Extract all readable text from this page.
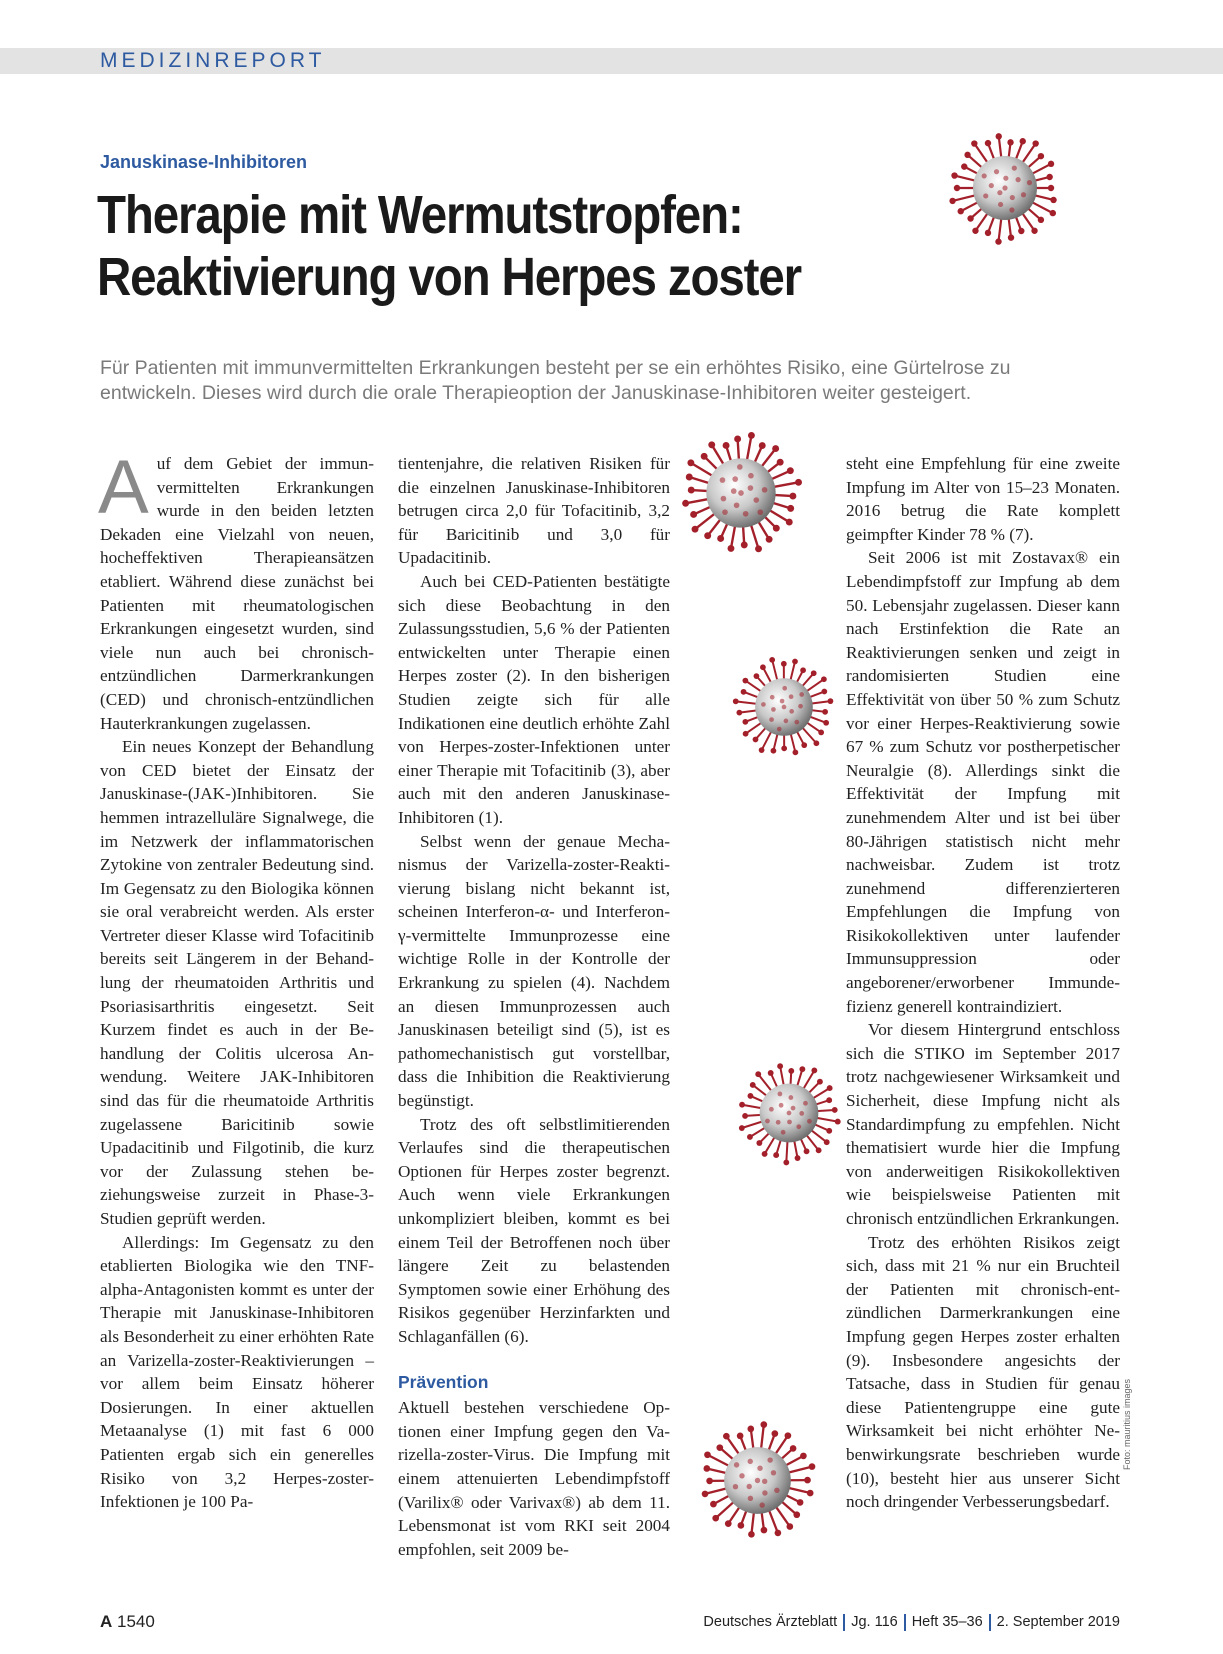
MEDIZINREPORT
Januskinase-Inhibitoren
Therapie mit Wermutstropfen:
Reaktivierung von Herpes zoster

Für Patienten mit immunvermittelten Erkrankungen besteht per se ein erhöhtes Risiko, eine Gürtelrose zu entwickeln. Dieses wird durch die orale Therapieoption der Januskinase-Inhibitoren weiter gesteigert.

Auf dem Gebiet der immunvermittelten Erkrankungen wurde in den beiden letzten Dekaden eine Vielzahl von neuen, hocheffektiven Therapieansätzen etabliert. Während diese zunächst bei Patienten mit rheumatologischen Erkrankungen eingesetzt wurden, sind viele nun auch bei chronisch-entzündlichen Darmerkrankungen (CED) und chronisch-entzündlichen Hauterkrankungen zugelassen.

Ein neues Konzept der Behandlung von CED bietet der Einsatz der Januskinase-(JAK-)Inhibitoren. Sie hemmen intrazelluläre Signalwege, die im Netzwerk der inflammatorischen Zytokine von zentraler Bedeutung sind. Im Gegensatz zu den Biologika können sie oral verabreicht werden. Als erster Vertreter dieser Klasse wird Tofacitinib bereits seit Längerem in der Behandlung der rheumatoiden Arthritis und Psoriasisarthritis eingesetzt. Seit Kurzem findet es auch in der Behandlung der Colitis ulcerosa Anwendung. Weitere JAK-Inhibitoren sind das für die rheumatoide Arthritis zugelassene Baricitinib sowie Upadacitinib und Filgotinib, die kurz vor der Zulassung stehen beziehungsweise zurzeit in Phase-3-Studien geprüft werden.

Allerdings: Im Gegensatz zu den etablierten Biologika wie den TNF-alpha-Antagonisten kommt es unter der Therapie mit Januskinase-Inhibitoren als Besonderheit zu einer erhöhten Rate an Varizella-zoster-Reaktivierungen – vor allem beim Einsatz höherer Dosierungen. In einer aktuellen Metaanalyse (1) mit fast 6 000 Patienten ergab sich ein generelles Risiko von 3,2 Herpes-zoster-Infektionen je 100 Pa-

tientenjahre, die relativen Risiken für die einzelnen Januskinase-Inhibitoren betrugen circa 2,0 für Tofacitinib, 3,2 für Baricitinib und 3,0 für Upadacitinib.

Auch bei CED-Patienten bestätigte sich diese Beobachtung in den Zulassungsstudien, 5,6 % der Patienten entwickelten unter Therapie einen Herpes zoster (2). In den bisherigen Studien zeigte sich für alle Indikationen eine deutlich erhöhte Zahl von Herpes-zoster-Infektionen unter einer Therapie mit Tofacitinib (3), aber auch mit den anderen Januskinase-Inhibitoren (1).

Selbst wenn der genaue Mechanismus der Varizella-zoster-Reaktivierung bislang nicht bekannt ist, scheinen Interferon-α- und Interferon-γ-vermittelte Immunprozesse eine wichtige Rolle in der Kontrolle der Erkrankung zu spielen (4). Nachdem an diesen Immunprozessen auch Januskinasen beteiligt sind (5), ist es pathomechanistisch gut vorstellbar, dass die Inhibition die Reaktivierung begünstigt.

Trotz des oft selbstlimitierenden Verlaufes sind die therapeutischen Optionen für Herpes zoster begrenzt. Auch wenn viele Erkrankungen unkompliziert bleiben, kommt es bei einem Teil der Betroffenen noch über längere Zeit zu belastenden Symptomen sowie einer Erhöhung des Risikos gegenüber Herzinfarkten und Schlaganfällen (6).

Prävention

Aktuell bestehen verschiedene Optionen einer Impfung gegen den Varizella-zoster-Virus. Die Impfung mit einem attenuierten Lebendimpfstoff (Varilix® oder Varivax®) ab dem 11. Lebensmonat ist vom RKI seit 2004 empfohlen, seit 2009 be-

steht eine Empfehlung für eine zweite Impfung im Alter von 15–23 Monaten. 2016 betrug die Rate komplett geimpfter Kinder 78 % (7).

Seit 2006 ist mit Zostavax® ein Lebendimpfstoff zur Impfung ab dem 50. Lebensjahr zugelassen. Dieser kann nach Erstinfektion die Rate an Reaktivierungen senken und zeigt in randomisierten Studien eine Effektivität von über 50 % zum Schutz vor einer Herpes-Reaktivierung sowie 67 % zum Schutz vor postherpetischer Neuralgie (8). Allerdings sinkt die Effektivität der Impfung mit zunehmendem Alter und ist bei über 80-Jährigen statistisch nicht mehr nachweisbar. Zudem ist trotz zunehmend differenzierteren Empfehlungen die Impfung von Risikokollektiven unter laufender Immunsuppression oder angeborener/erworbener Immundefizienz generell kontraindiziert.

Vor diesem Hintergrund entschloss sich die STIKO im September 2017 trotz nachgewiesener Wirksamkeit und Sicherheit, diese Impfung nicht als Standardimpfung zu empfehlen. Nicht thematisiert wurde hier die Impfung von anderweitigen Risikokollektiven wie beispielsweise Patienten mit chronisch entzündlichen Erkrankungen.

Trotz des erhöhten Risikos zeigt sich, dass mit 21 % nur ein Bruchteil der Patienten mit chronisch-entzündlichen Darmerkrankungen eine Impfung gegen Herpes zoster erhalten (9). Insbesondere angesichts der Tatsache, dass in Studien für genau diese Patientengruppe eine gute Wirksamkeit bei nicht erhöhter Nebenwirkungsrate beschrieben wurde (10), besteht hier aus unserer Sicht noch dringender Verbesserungsbedarf.

Foto: mauritius images
A 1540	Deutsches Ärzteblatt Jg. 116 Heft 35–36 2. September 2019
